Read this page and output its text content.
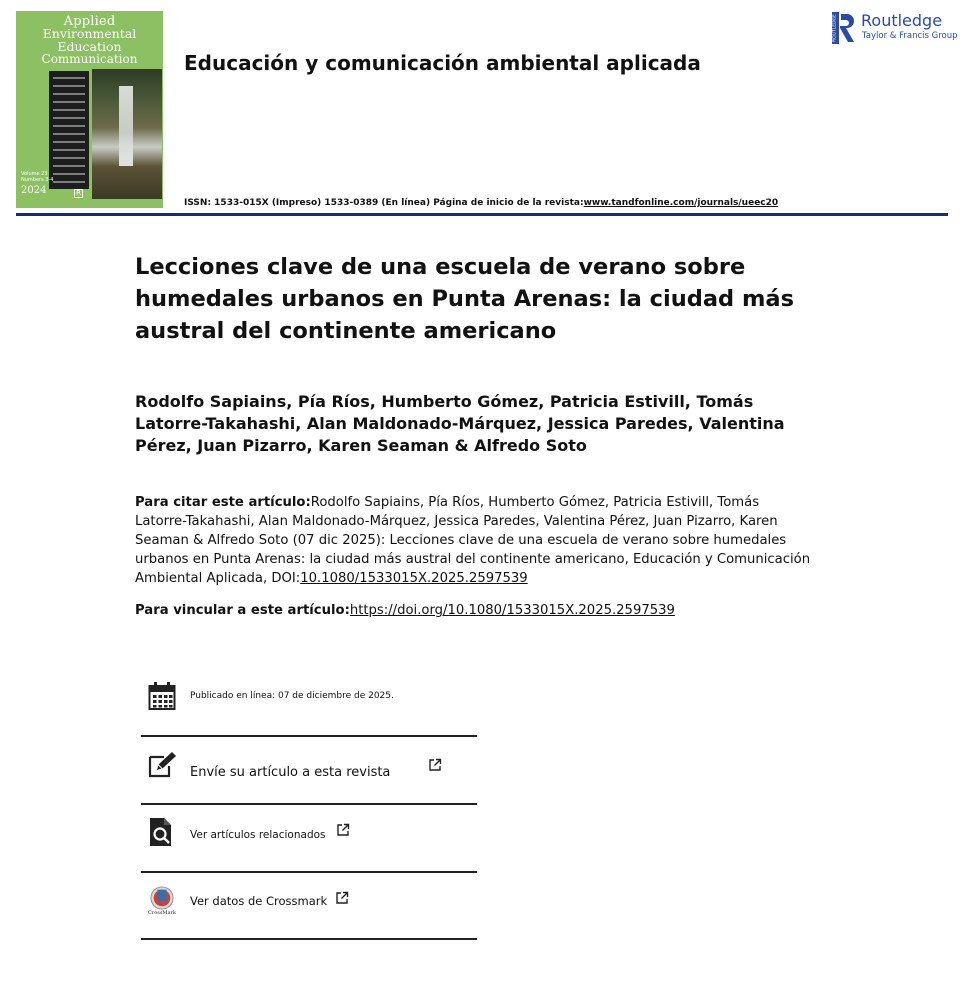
Applied
Environmental Education
Communication
Volume 23
Numbers 3-4
2024	R
Educación y comunicación ambiental aplicada
ROUTLEDGE Routledge
Taylor & Francis Group
ISSN: 1533-015X (Impreso) 1533-0389 (En línea) Página de inicio de la revista:www.tandfonline.com/journals/ueec20
Lecciones clave de una escuela de verano sobre humedales urbanos en Punta Arenas: la ciudad más austral del continente americano
Rodolfo Sapiains, Pía Ríos, Humberto Gómez, Patricia Estivill, Tomás Latorre-Takahashi, Alan Maldonado-Márquez, Jessica Paredes, Valentina Pérez, Juan Pizarro, Karen Seaman & Alfredo Soto
Para citar este artículo:Rodolfo Sapiains, Pía Ríos, Humberto Gómez, Patricia Estivill, Tomás Latorre-Takahashi, Alan Maldonado-Márquez, Jessica Paredes, Valentina Pérez, Juan Pizarro, Karen Seaman & Alfredo Soto (07 dic 2025): Lecciones clave de una escuela de verano sobre humedales urbanos en Punta Arenas: la ciudad más austral del continente americano, Educación y Comunicación Ambiental Aplicada, DOI:10.1080/1533015X.2025.2597539
Para vincular a este artículo:https://doi.org/10.1080/1533015X.2025.2597539
Publicado en línea: 07 de diciembre de 2025.
Envíe su artículo a esta revista
Ver artículos relacionados
CrossMark
Ver datos de Crossmark
